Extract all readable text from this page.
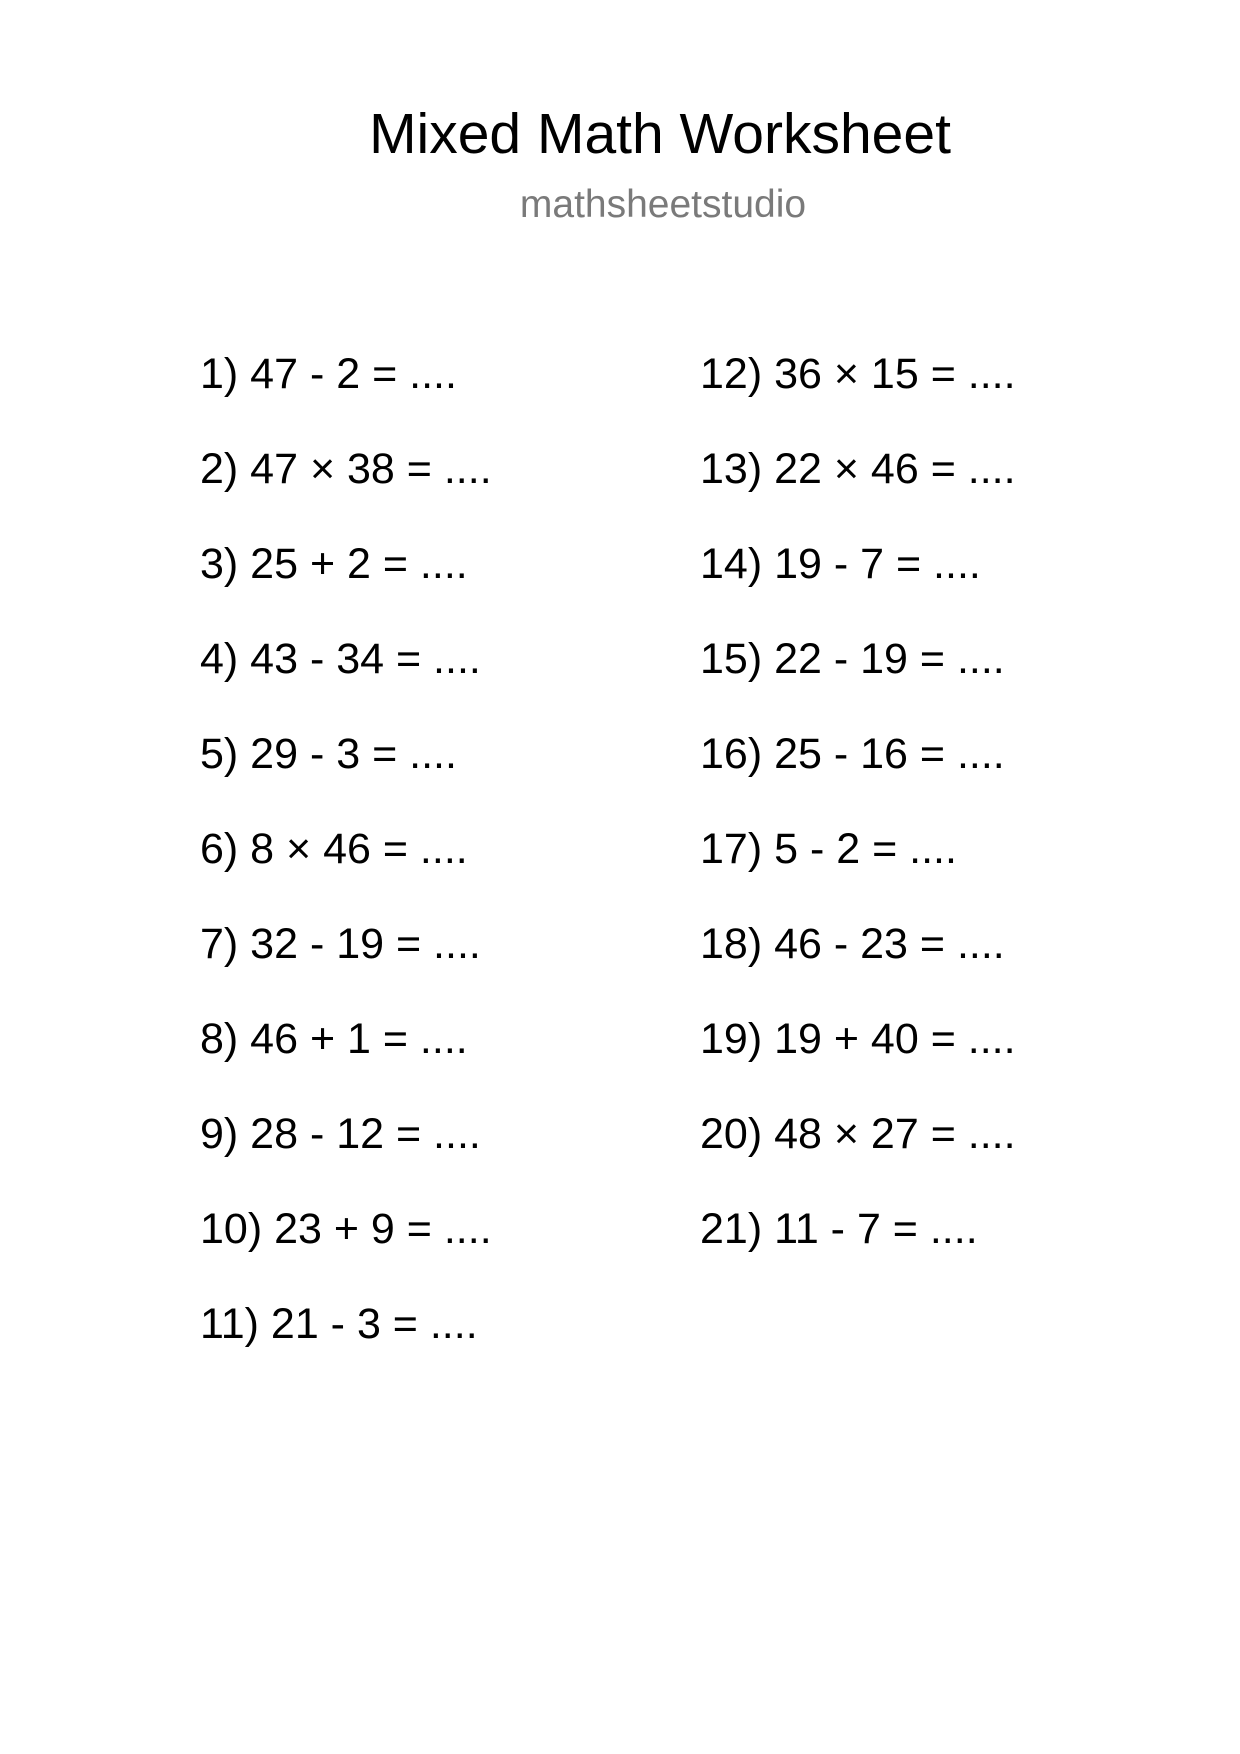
Mixed Math Worksheet
mathsheetstudio
1) 47 - 2 = ....
2) 47 × 38 = ....
3) 25 + 2 = ....
4) 43 - 34 = ....
5) 29 - 3 = ....
6) 8 × 46 = ....
7) 32 - 19 = ....
8) 46 + 1 = ....
9) 28 - 12 = ....
10) 23 + 9 = ....
11) 21 - 3 = ....
12) 36 × 15 = ....
13) 22 × 46 = ....
14) 19 - 7 = ....
15) 22 - 19 = ....
16) 25 - 16 = ....
17) 5 - 2 = ....
18) 46 - 23 = ....
19) 19 + 40 = ....
20) 48 × 27 = ....
21) 11 - 7 = ....
